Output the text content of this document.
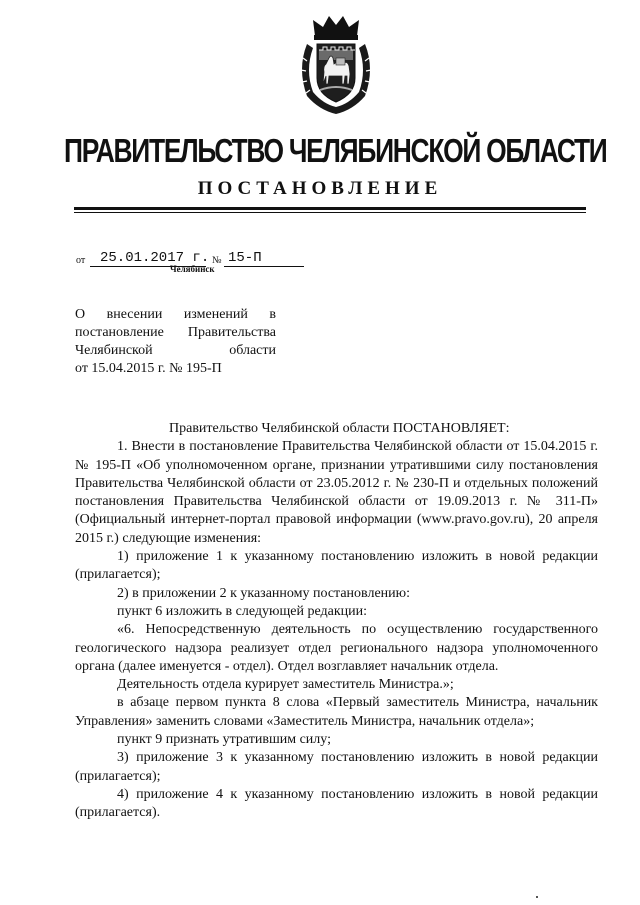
ПРАВИТЕЛЬСТВО ЧЕЛЯБИНСКОЙ ОБЛАСТИ
ПОСТАНОВЛЕНИЕ
от 25.01.2017 г. № 15-П
Челябинск
О внесении изменений в
постановление Правительства
Челябинской области
от 15.04.2015 г. № 195-П

Правительство Челябинской области ПОСТАНОВЛЯЕТ:

1. Внести в постановление Правительства Челябинской области от 15.04.2015 г. № 195-П «Об уполномоченном органе, признании утратившими силу постановления Правительства Челябинской области от 23.05.2012 г. № 230-П и отдельных положений постановления Правительства Челябинской области от 19.09.2013 г. № 311-П» (Официальный интернет-портал правовой информации (www.pravo.gov.ru), 20 апреля 2015 г.) следующие изменения:

1) приложение 1 к указанному постановлению изложить в новой редакции (прилагается);

2) в приложении 2 к указанному постановлению:

пункт 6 изложить в следующей редакции:

«6. Непосредственную деятельность по осуществлению государственного геологического надзора реализует отдел регионального надзора уполномоченного органа (далее именуется - отдел). Отдел возглавляет начальник отдела.

Деятельность отдела курирует заместитель Министра.»;

в абзаце первом пункта 8 слова «Первый заместитель Министра, начальник Управления» заменить словами «Заместитель Министра, начальник отдела»;

пункт 9 признать утратившим силу;

3) приложение 3 к указанному постановлению изложить в новой редакции (прилагается);

4) приложение 4 к указанному постановлению изложить в новой редакции (прилагается).
